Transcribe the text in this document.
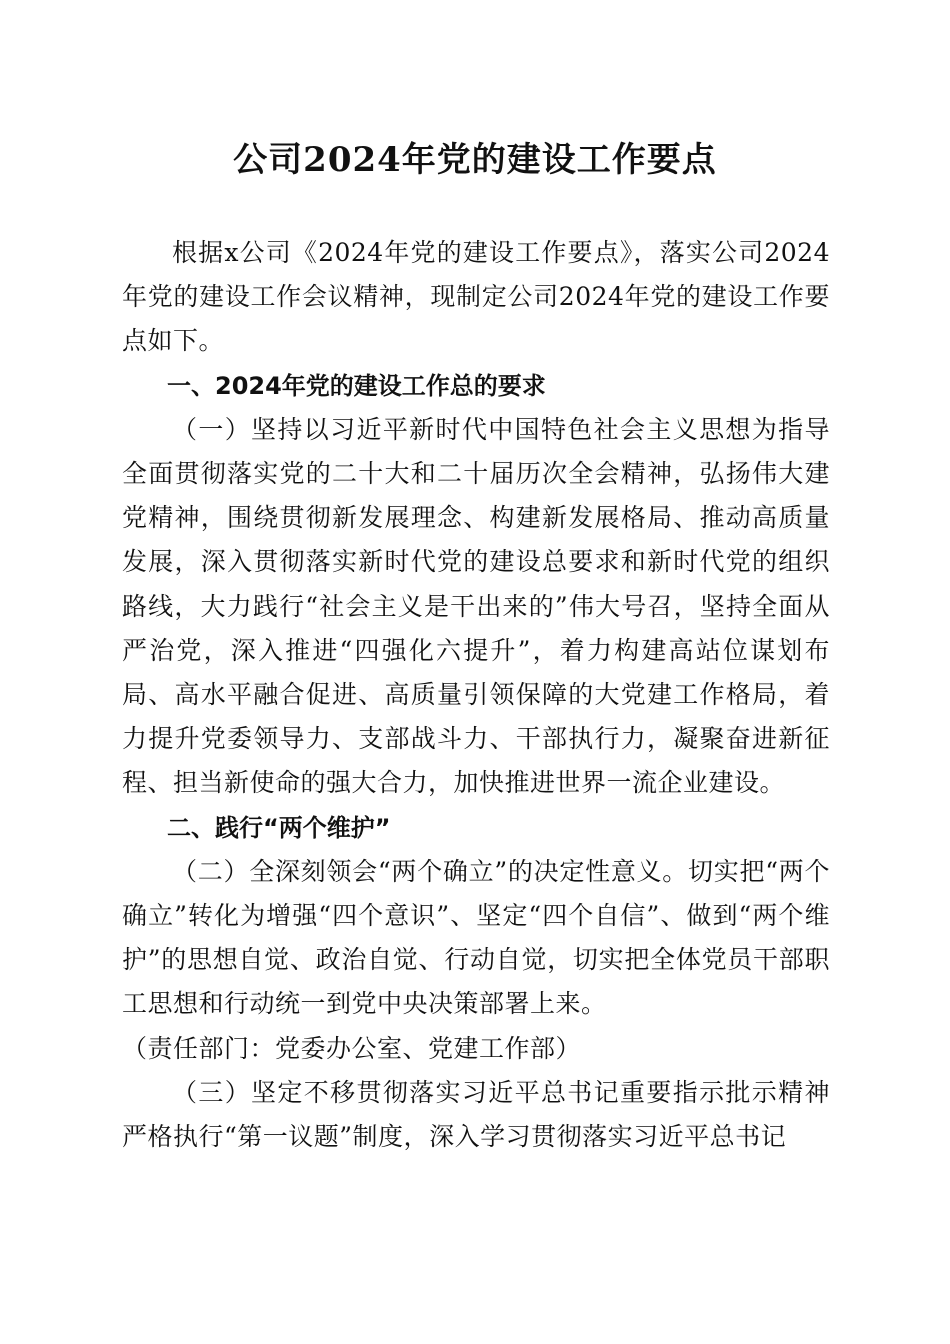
公司2024年党的建设工作要点

根据x公司《2024年党的建设工作要点》，落实公司2024年党的建设工作会议精神，现制定公司2024年党的建设工作要点如下。

一、2024年党的建设工作总的要求

（一）坚持以习近平新时代中国特色社会主义思想为指导全面贯彻落实党的二十大和二十届历次全会精神，弘扬伟大建党精神，围绕贯彻新发展理念、构建新发展格局、推动高质量发展，深入贯彻落实新时代党的建设总要求和新时代党的组织路线，大力践行“社会主义是干出来的”伟大号召，坚持全面从严治党，深入推进“四强化六提升”，着力构建高站位谋划布局、高水平融合促进、高质量引领保障的大党建工作格局，着力提升党委领导力、支部战斗力、干部执行力，凝聚奋进新征程、担当新使命的强大合力，加快推进世界一流企业建设。

二、践行“两个维护”

（二）全深刻领会“两个确立”的决定性意义。切实把“两个确立”转化为增强“四个意识”、坚定“四个自信”、做到“两个维护”的思想自觉、政治自觉、行动自觉，切实把全体党员干部职工思想和行动统一到党中央决策部署上来。

（责任部门：党委办公室、党建工作部）

（三）坚定不移贯彻落实习近平总书记重要指示批示精神严格执行“第一议题”制度，深入学习贯彻落实习近平总书记
